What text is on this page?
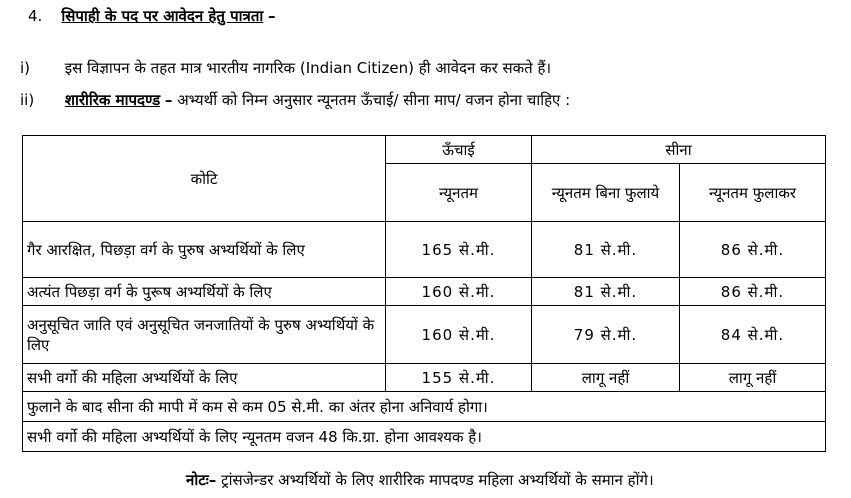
4. सिपाही के पद पर आवेदन हेतु पात्रता –
i) इस विज्ञापन के तहत मात्र भारतीय नागरिक (Indian Citizen) ही आवेदन कर सकते हैं।
ii) शारीरिक मापदण्ड – अभ्यर्थी को निम्न अनुसार न्यूनतम ऊँचाई/ सीना माप/ वजन होना चाहिए :
कोटि	ऊँचाई	सीना	
	न्यूनतम	न्यूनतम बिना फुलाये	न्यूनतम फुलाकर
गैर आरक्षित, पिछड़ा वर्ग के पुरुष अभ्यर्थियों के लिए	165 से.मी.	81 से.मी.	86 से.मी.
अत्यंत पिछड़ा वर्ग के पुरूष अभ्यर्थियों के लिए	160 से.मी.	81 से.मी.	86 से.मी.
अनुसूचित जाति एवं अनुसूचित जनजातियों के पुरुष अभ्यर्थियों के लिए	160 से.मी.	79 से.मी.	84 से.मी.
सभी वर्गो की महिला अभ्यर्थियों के लिए	155 से.मी.	लागू नहीं	लागू नहीं
फुलाने के बाद सीना की मापी में कम से कम 05 से.मी. का अंतर होना अनिवार्य होगा।			
सभी वर्गो की महिला अभ्यर्थियों के लिए न्यूनतम वजन 48 कि.ग्रा. होना आवश्यक है।			
नोटः– ट्रांसजेन्डर अभ्यर्थियों के लिए शारीरिक मापदण्ड महिला अभ्यर्थियों के समान होंगे।
